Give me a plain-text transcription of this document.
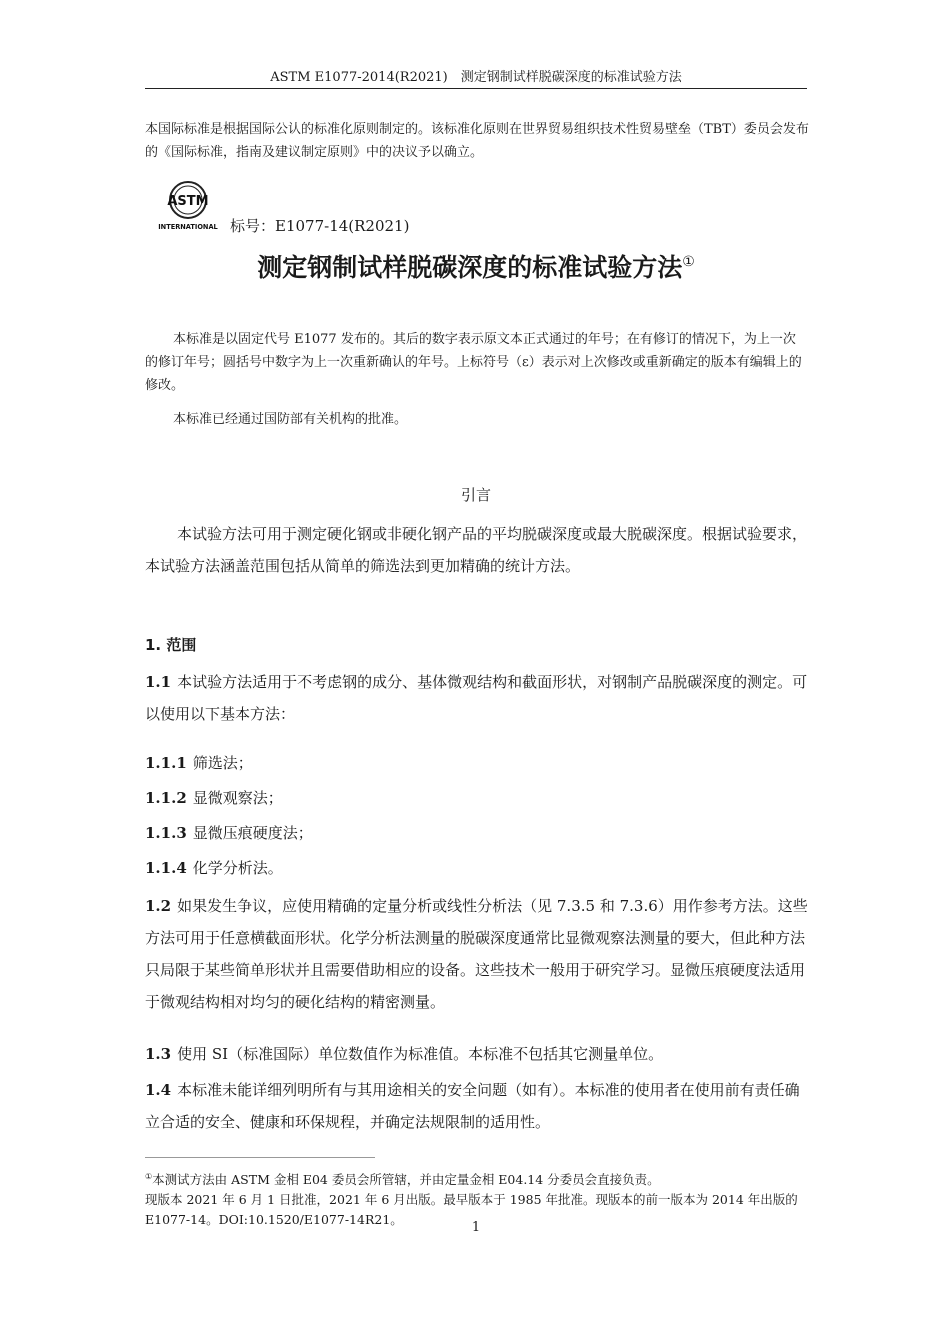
ASTM E1077-2014(R2021)　测定钢制试样脱碳深度的标准试验方法
本国际标准是根据国际公认的标准化原则制定的。该标准化原则在世界贸易组织技术性贸易壁垒（TBT）委员会发布的《国际标准，指南及建议制定原则》中的决议予以确立。
ASTM
INTERNATIONAL 标号：E1077-14(R2021)
测定钢制试样脱碳深度的标准试验方法①
本标准是以固定代号 E1077 发布的。其后的数字表示原文本正式通过的年号；在有修订的情况下，为上一次的修订年号；圆括号中数字为上一次重新确认的年号。上标符号（ε）表示对上次修改或重新确定的版本有编辑上的修改。
本标准已经通过国防部有关机构的批准。
引言
本试验方法可用于测定硬化钢或非硬化钢产品的平均脱碳深度或最大脱碳深度。根据试验要求，本试验方法涵盖范围包括从简单的筛选法到更加精确的统计方法。
1. 范围
1.1 本试验方法适用于不考虑钢的成分、基体微观结构和截面形状，对钢制产品脱碳深度的测定。可以使用以下基本方法：
1.1.1 筛选法；
1.1.2 显微观察法；
1.1.3 显微压痕硬度法；
1.1.4 化学分析法。
1.2 如果发生争议，应使用精确的定量分析或线性分析法（见 7.3.5 和 7.3.6）用作参考方法。这些方法可用于任意横截面形状。化学分析法测量的脱碳深度通常比显微观察法测量的要大，但此种方法只局限于某些简单形状并且需要借助相应的设备。这些技术一般用于研究学习。显微压痕硬度法适用于微观结构相对均匀的硬化结构的精密测量。
1.3 使用 SI（标准国际）单位数值作为标准值。本标准不包括其它测量单位。
1.4 本标准未能详细列明所有与其用途相关的安全问题（如有）。本标准的使用者在使用前有责任确立合适的安全、健康和环保规程，并确定法规限制的适用性。
①本测试方法由 ASTM 金相 E04 委员会所管辖，并由定量金相 E04.14 分委员会直接负责。
现版本 2021 年 6 月 1 日批准，2021 年 6 月出版。最早版本于 1985 年批准。现版本的前一版本为 2014 年出版的 E1077-14。DOI:10.1520/E1077-14R21。
1
